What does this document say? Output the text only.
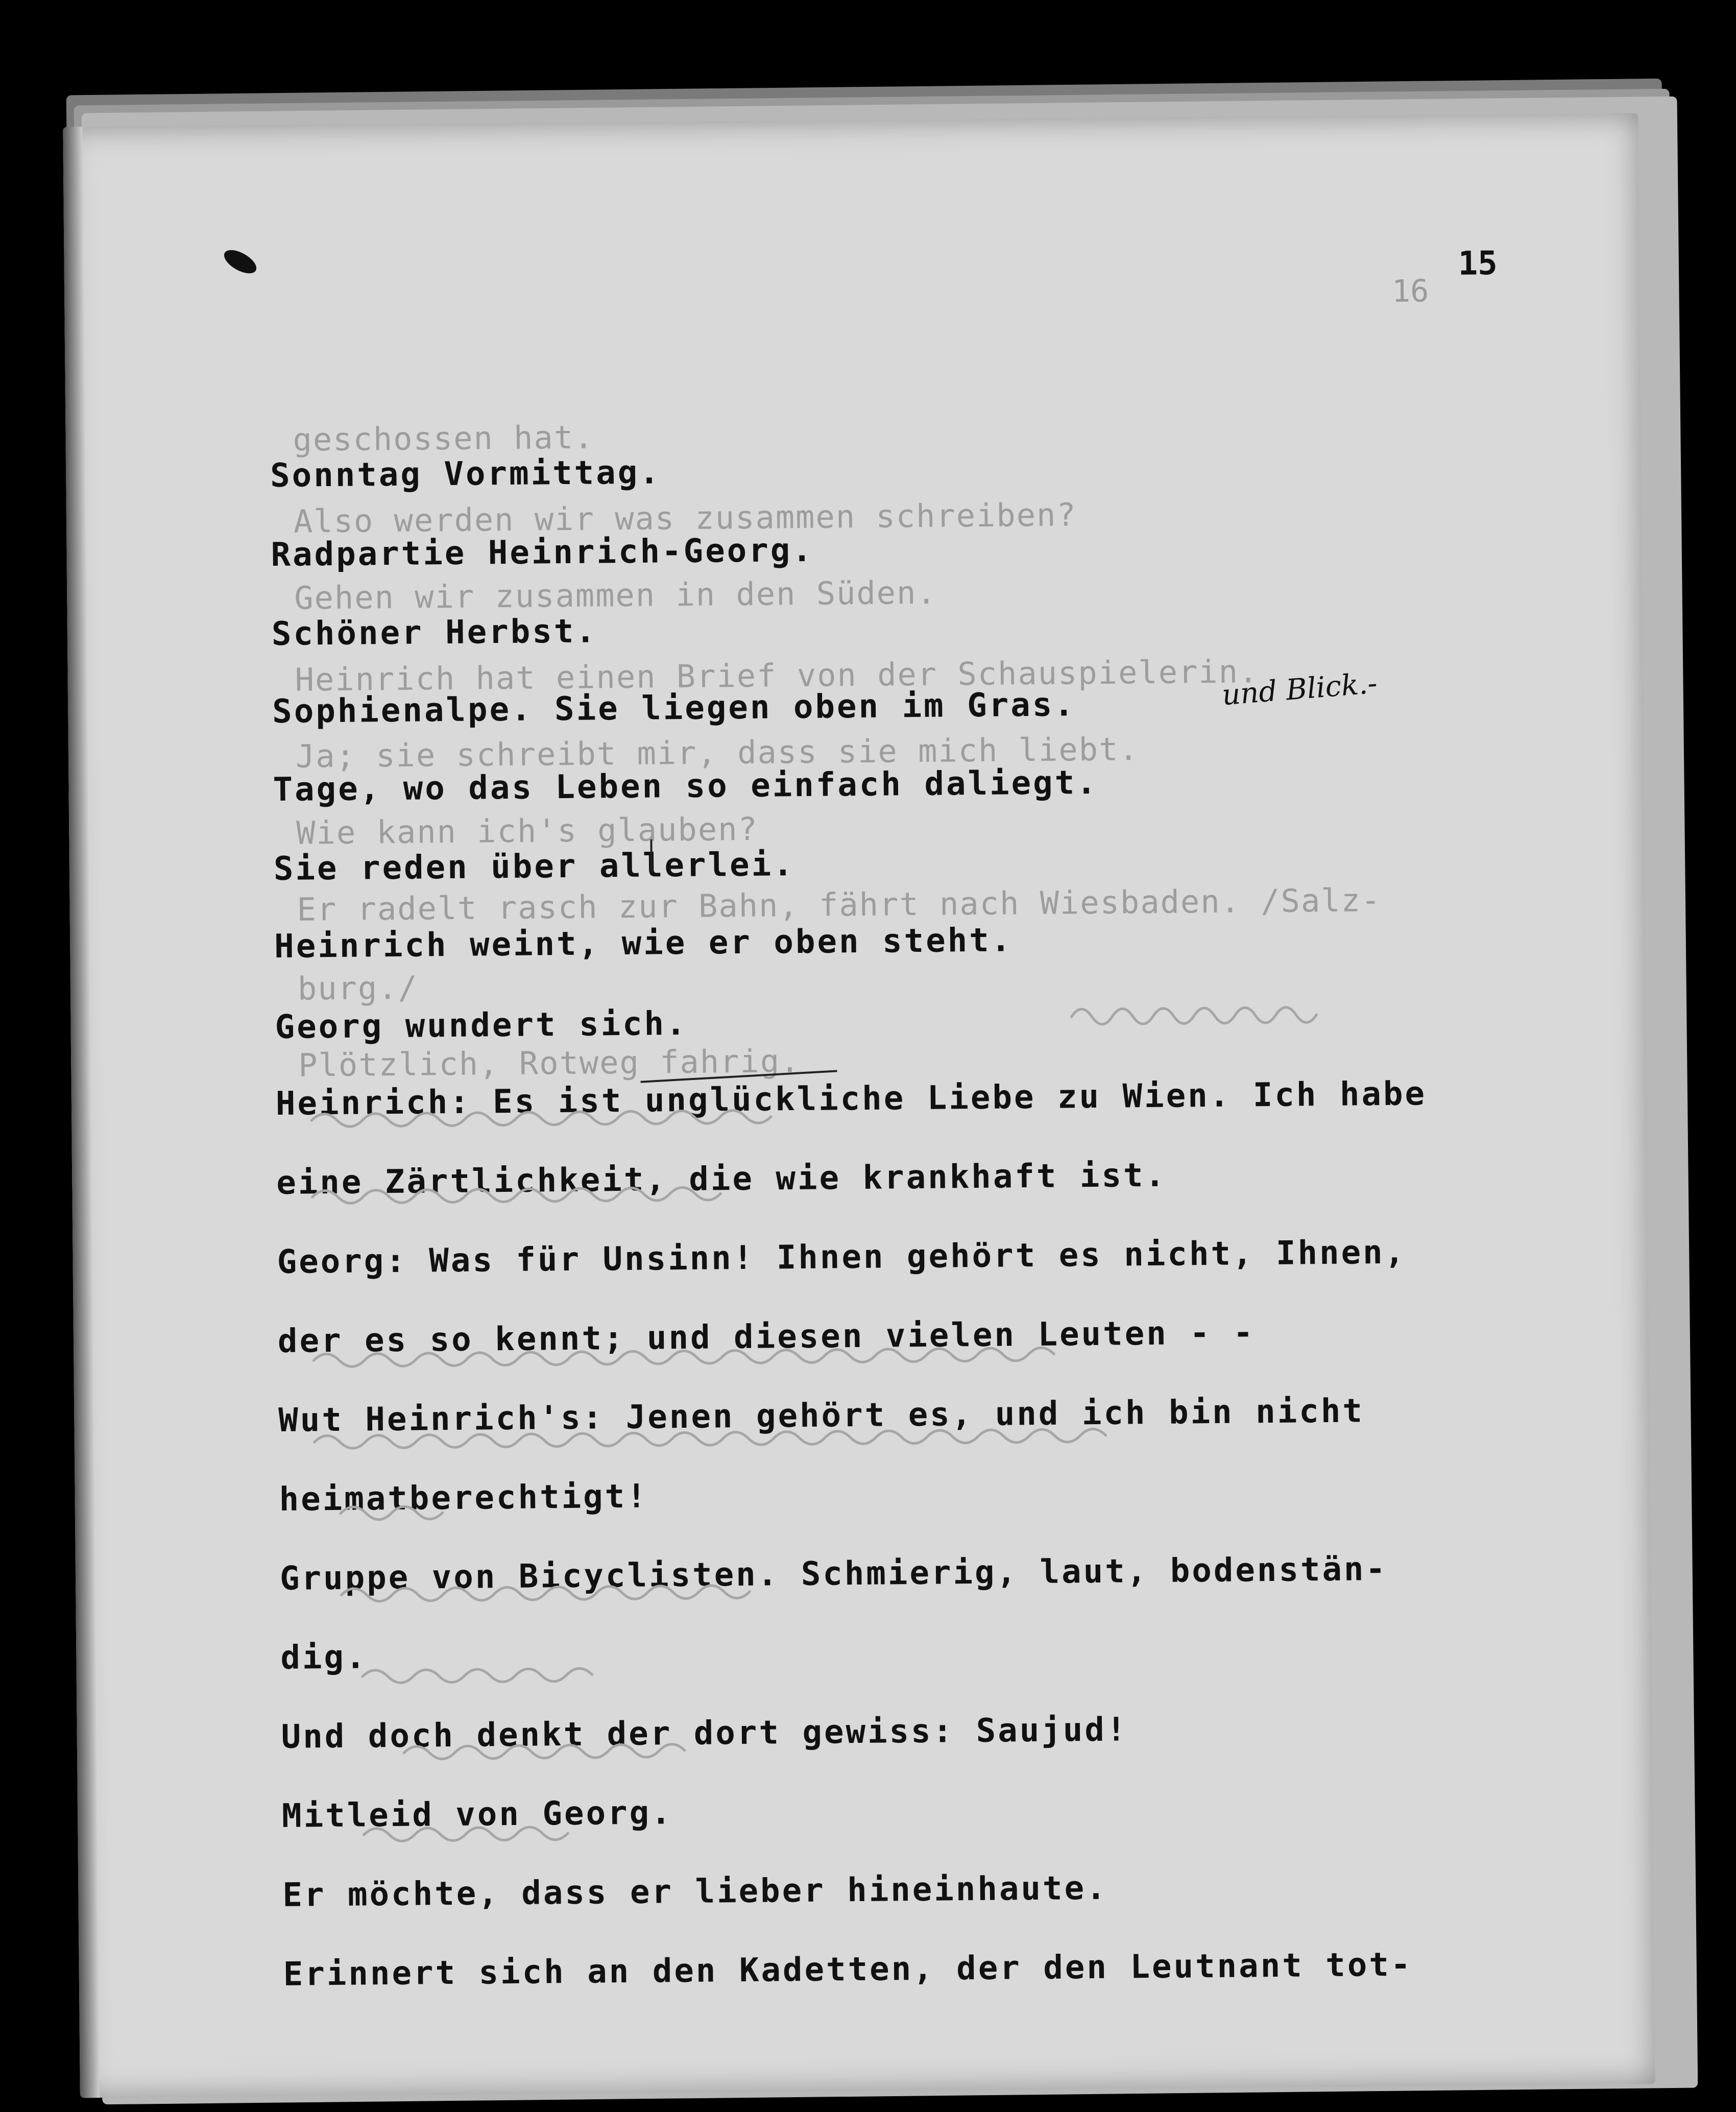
15
16
geschossen hat.
Also werden wir was zusammen schreiben?
Gehen wir zusammen in den Süden.
Heinrich hat einen Brief von der Schauspielerin.
Ja; sie schreibt mir, dass sie mich liebt.
Wie kann ich's glauben?
Er radelt rasch zur Bahn, fährt nach Wiesbaden. /Salz-
burg./
Plötzlich, Rotweg fahrig.
Sonntag Vormittag.
Radpartie Heinrich-Georg.
Schöner Herbst.
Sophienalpe. Sie liegen oben im Gras.
Tage, wo das Leben so einfach daliegt.
Sie reden über allerlei.
Heinrich weint, wie er oben steht.
Georg wundert sich.
Heinrich: Es ist unglückliche Liebe zu Wien. Ich habe
eine Zärtlichkeit, die wie krankhaft ist.
Georg: Was für Unsinn! Ihnen gehört es nicht, Ihnen,
der es so kennt; und diesen vielen Leuten - -
Wut Heinrich's: Jenen gehört es, und ich bin nicht
heimatberechtigt!
Gruppe von Bicyclisten. Schmierig, laut, bodenstän-
dig.
Und doch denkt der dort gewiss: Saujud!
Mitleid von Georg.
Er möchte, dass er lieber hineinhaute.
Erinnert sich an den Kadetten, der den Leutnant tot-
und Blick.-
